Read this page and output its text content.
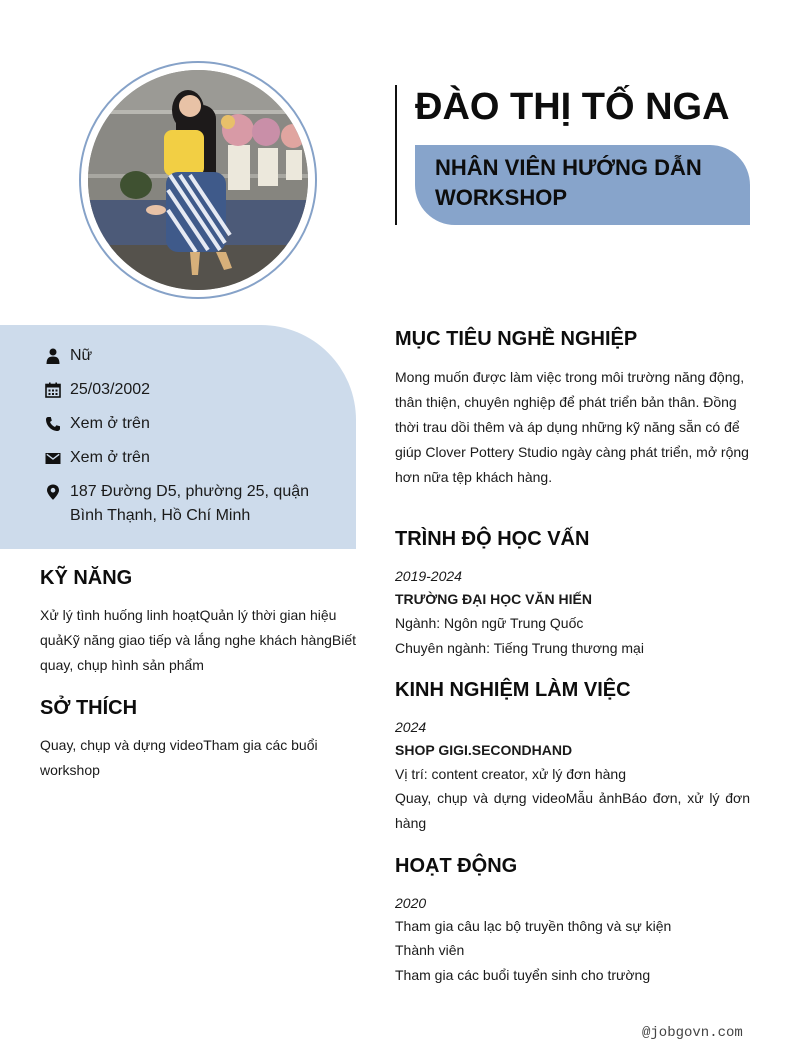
ĐÀO THỊ TỐ NGA
NHÂN VIÊN HƯỚNG DẪN WORKSHOP
Nữ
25/03/2002
Xem ở trên
Xem ở trên
187 Đường D5, phường 25, quận Bình Thạnh, Hồ Chí Minh
KỸ NĂNG
Xử lý tình huống linh hoạtQuản lý thời gian hiệu quảKỹ năng giao tiếp và lắng nghe khách hàngBiết quay, chụp hình sản phẩm
SỞ THÍCH
Quay, chụp và dựng videoTham gia các buổi workshop
MỤC TIÊU NGHỀ NGHIỆP
Mong muốn được làm việc trong môi trường năng động, thân thiện, chuyên nghiệp để phát triển bản thân. Đồng thời trau dồi thêm và áp dụng những kỹ năng sẵn có để giúp Clover Pottery Studio ngày càng phát triển, mở rộng hơn nữa tệp khách hàng.
TRÌNH ĐỘ HỌC VẤN
2019-2024
TRƯỜNG ĐẠI HỌC VĂN HIẾN
Ngành: Ngôn ngữ Trung Quốc
Chuyên ngành: Tiếng Trung thương mại
KINH NGHIỆM LÀM VIỆC
2024
SHOP GIGI.SECONDHAND
Vị trí: content creator, xử lý đơn hàng
Quay, chụp và dựng videoMẫu ảnhBáo đơn, xử lý đơn hàng
HOẠT ĐỘNG
2020
Tham gia câu lạc bộ truyền thông và sự kiện
Thành viên
Tham gia các buổi tuyển sinh cho trường
@jobgovn.com
